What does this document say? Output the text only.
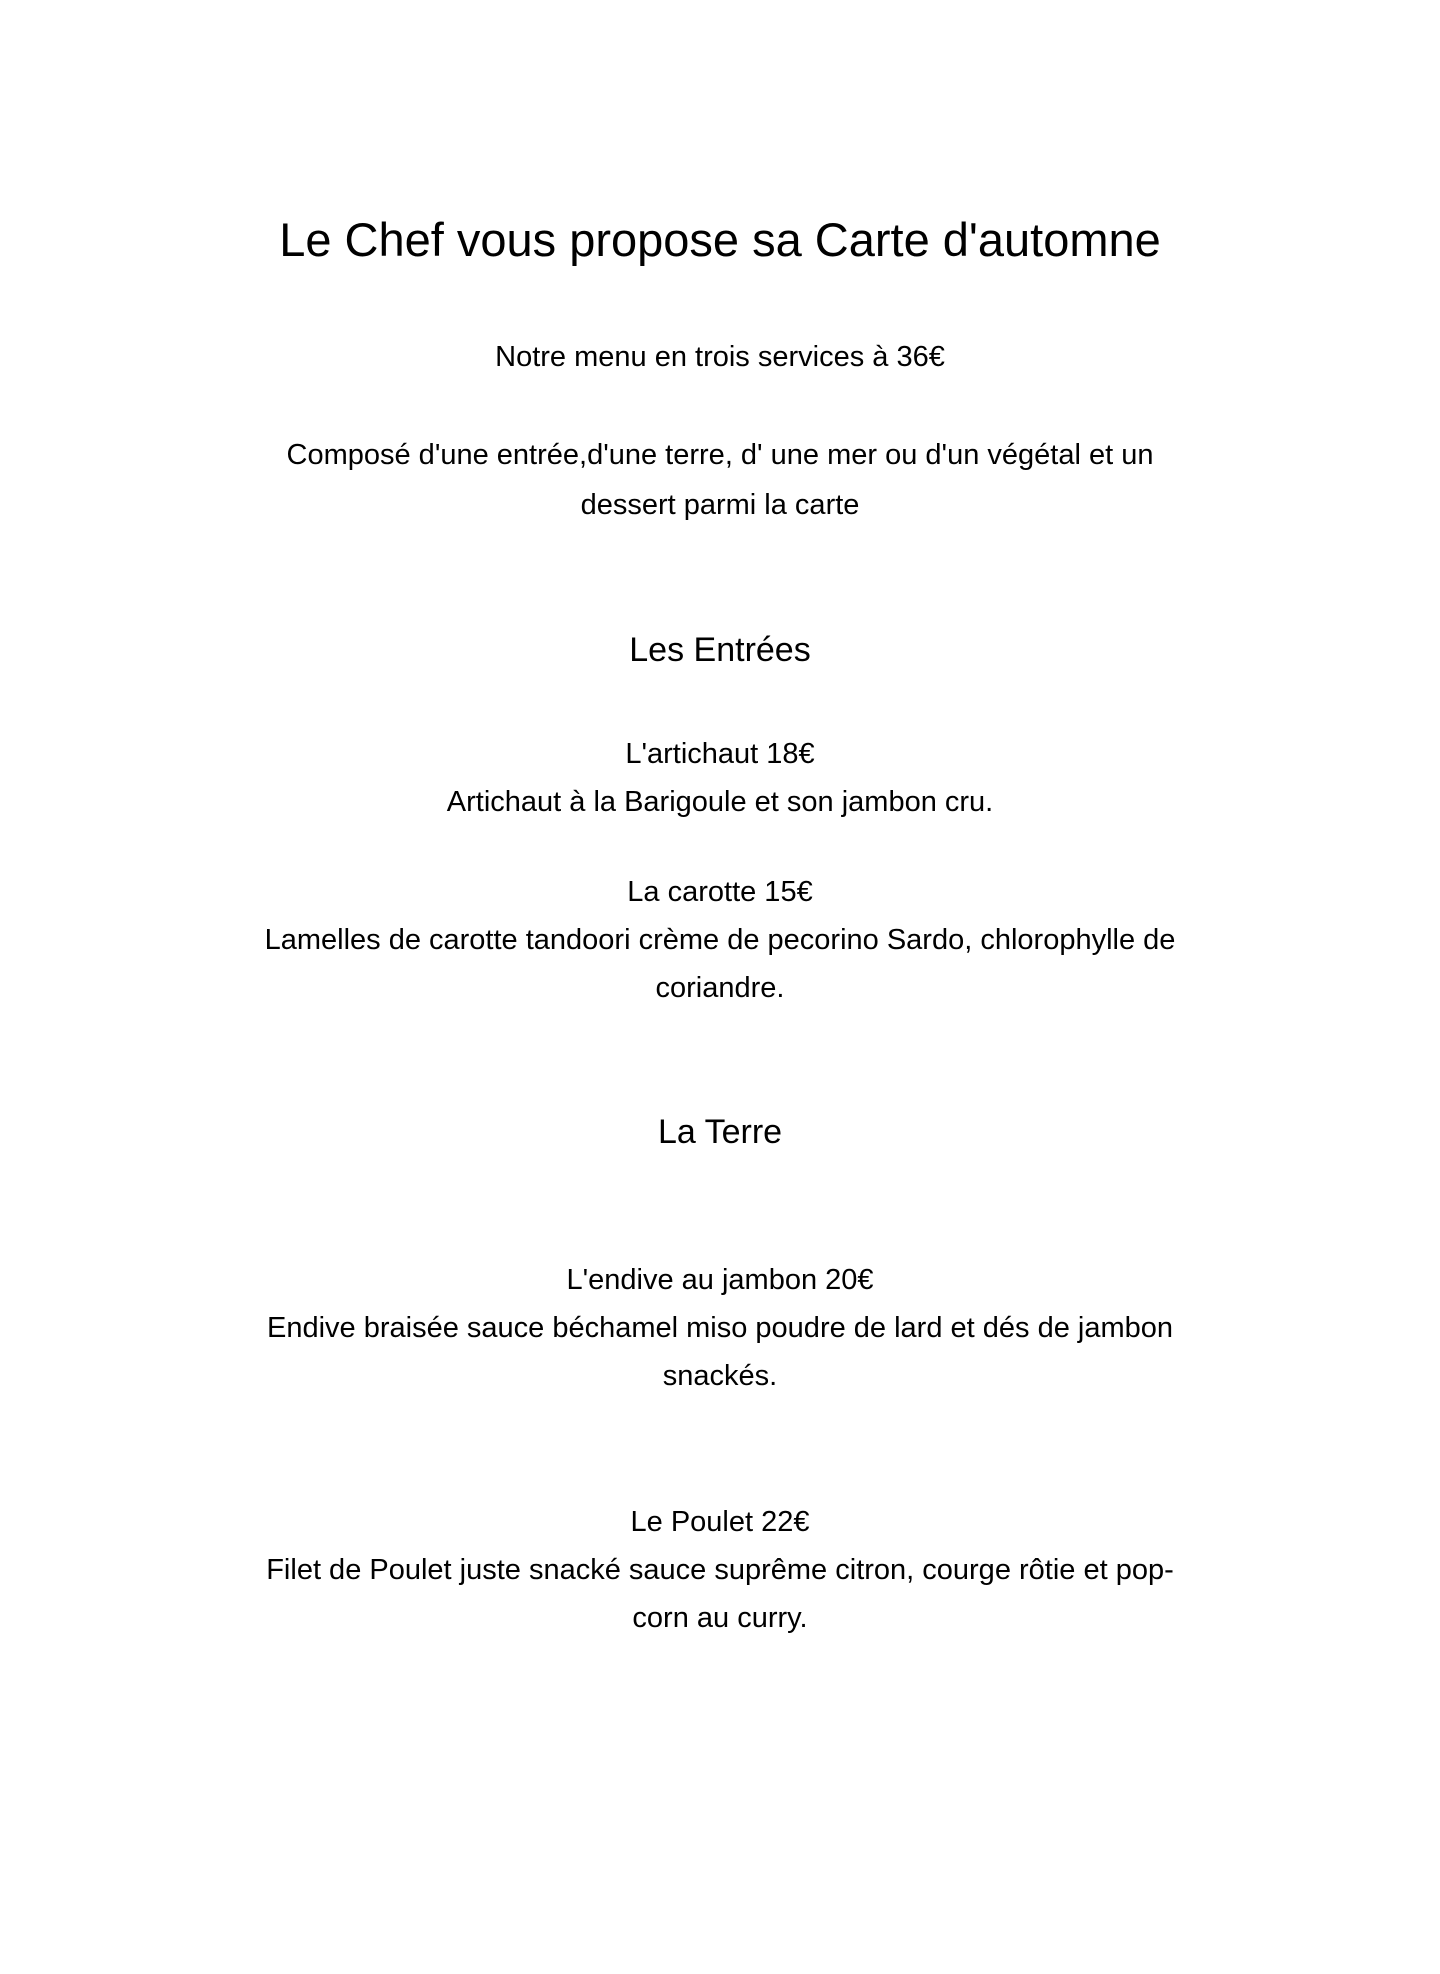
Le Chef vous propose sa Carte d'automne

Notre menu en trois services à 36€

Composé d'une entrée,d'une terre, d' une mer ou d'un végétal et un
dessert parmi la carte
Les Entrées
L'artichaut 18€
Artichaut à la Barigoule et son jambon cru.
La carotte 15€
Lamelles de carotte tandoori crème de pecorino Sardo, chlorophylle de
coriandre.
La Terre
L'endive au jambon 20€
Endive braisée sauce béchamel miso poudre de lard et dés de jambon
snackés.
Le Poulet 22€
Filet de Poulet juste snacké sauce suprême citron, courge rôtie et pop-
corn au curry.
